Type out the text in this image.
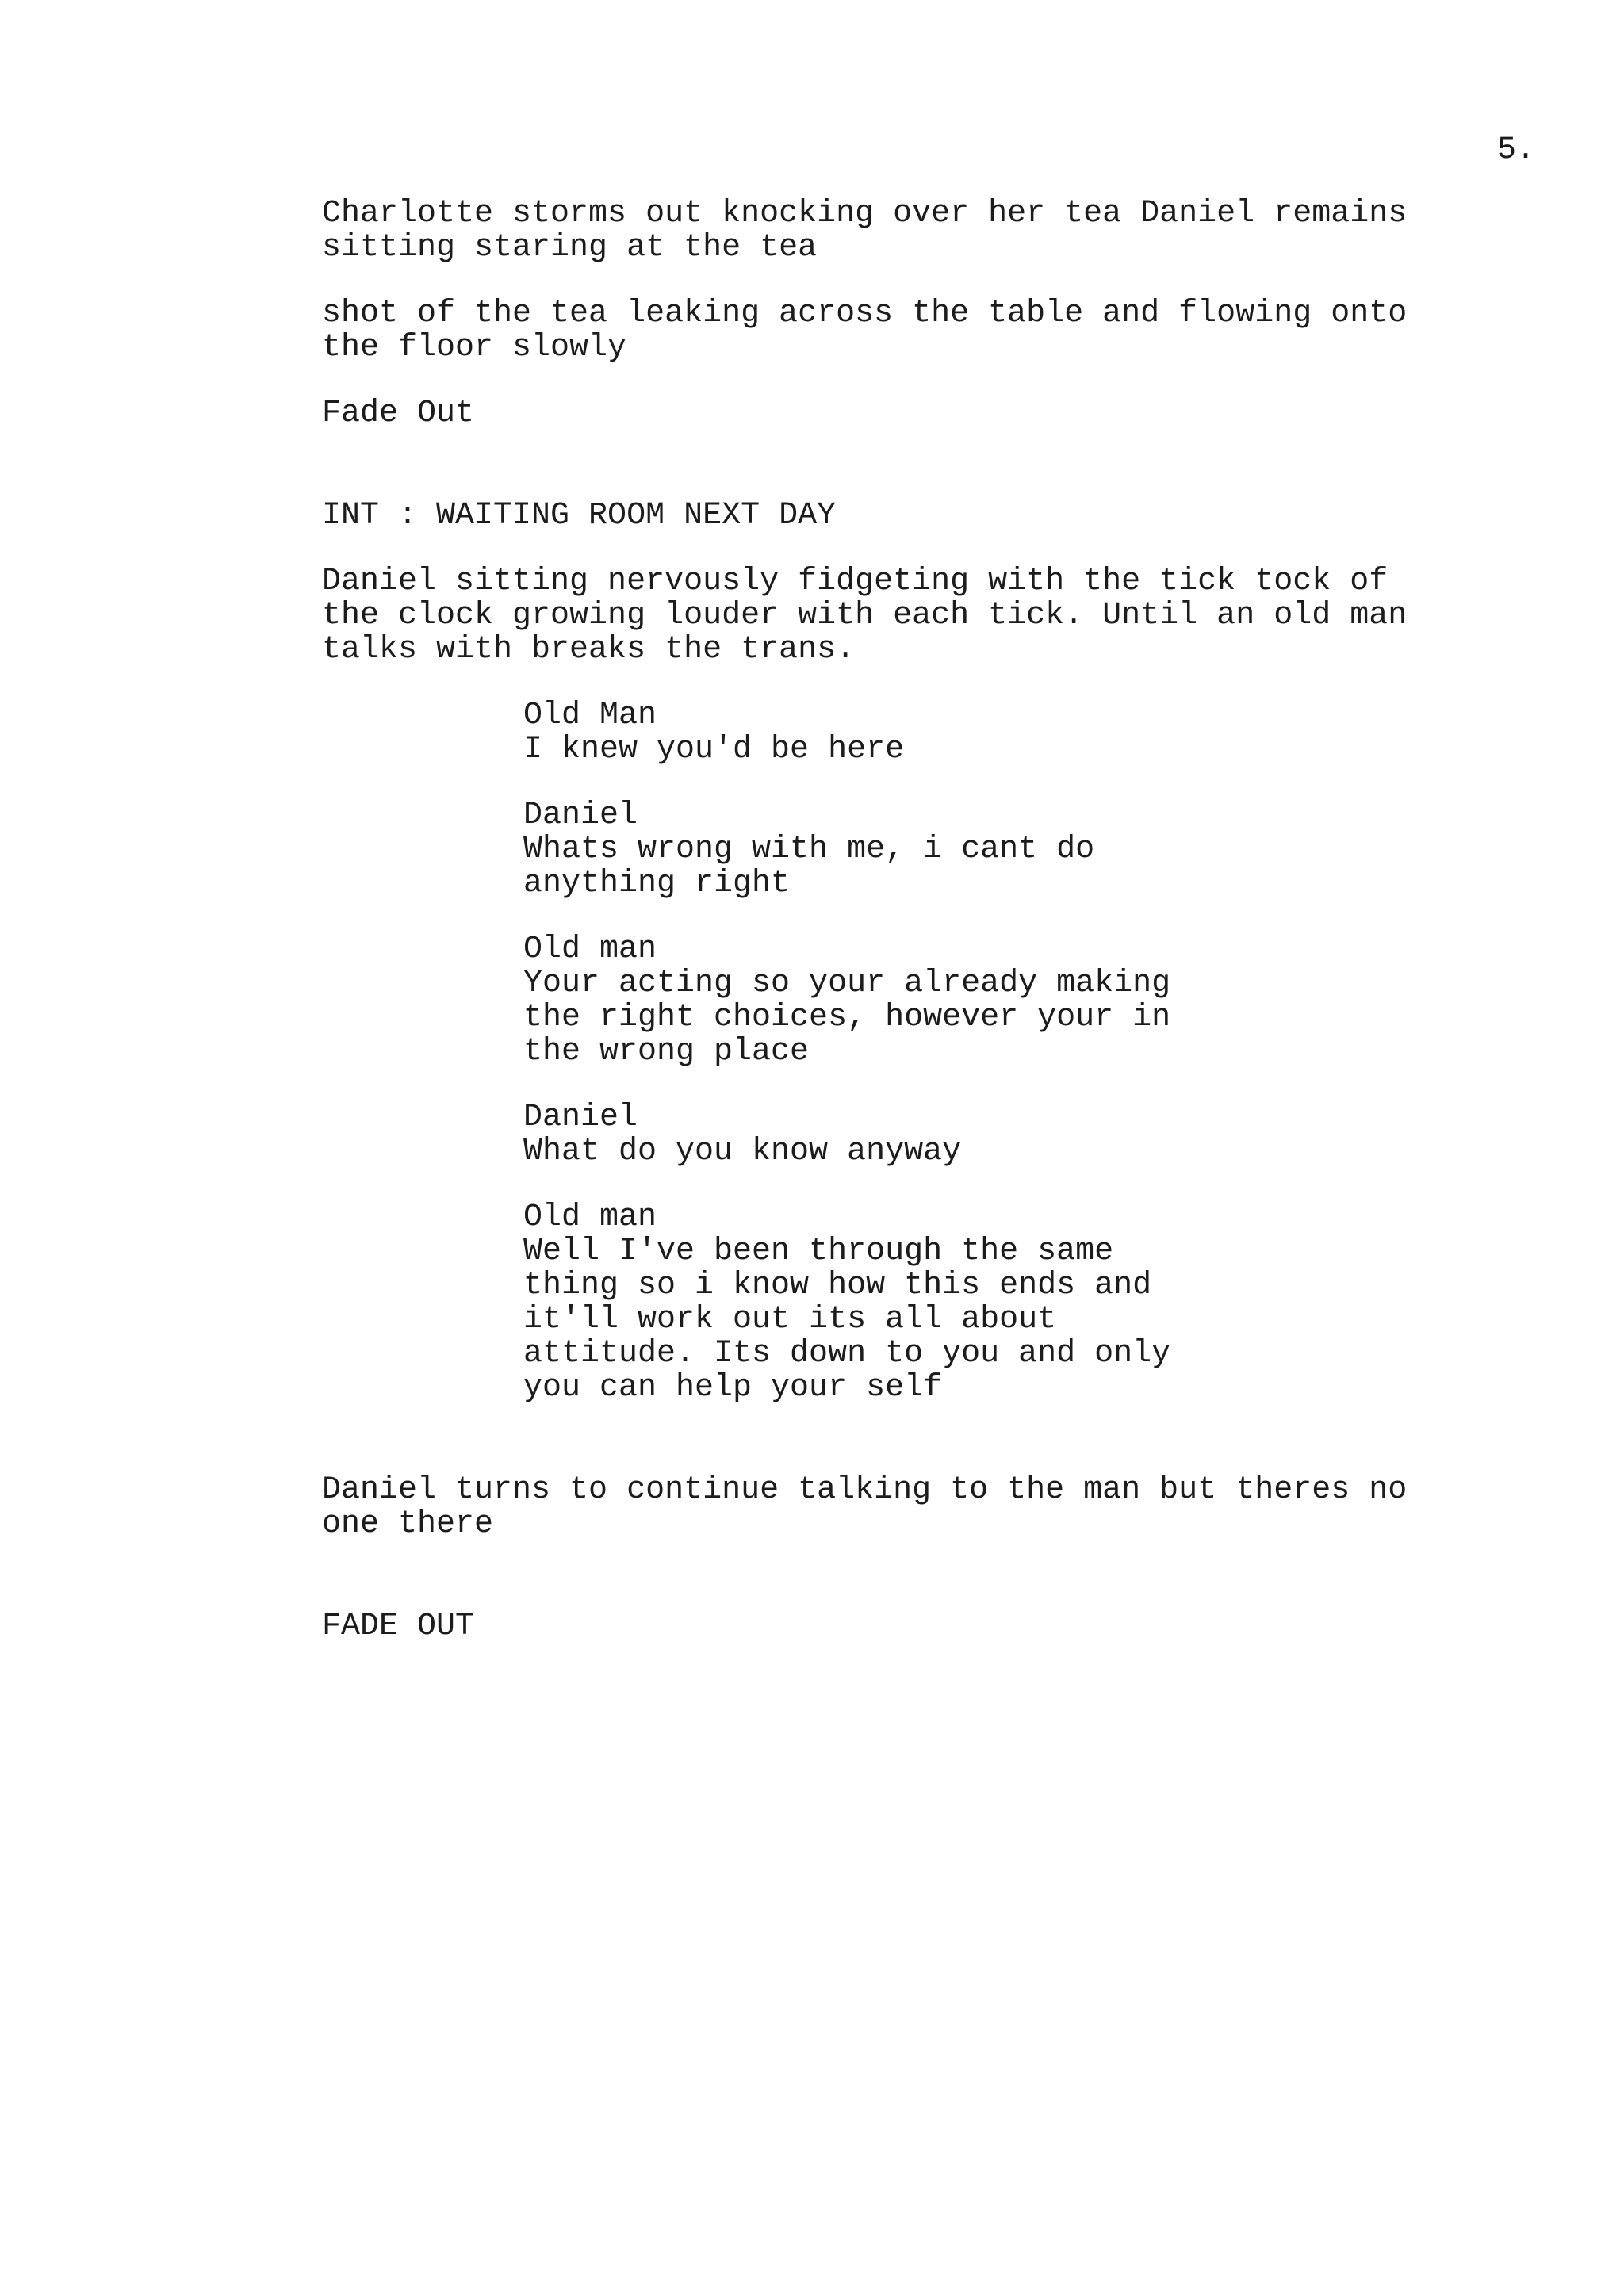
5.

Charlotte storms out knocking over her tea Daniel remains
sitting staring at the tea

shot of the tea leaking across the table and flowing onto
the floor slowly

Fade Out

INT : WAITING ROOM NEXT DAY

Daniel sitting nervously fidgeting with the tick tock of
the clock growing louder with each tick. Until an old man
talks with breaks the trans.

Old Man

I knew you'd be here

Daniel

Whats wrong with me, i cant do
anything right

Old man

Your acting so your already making
the right choices, however your in
the wrong place

Daniel

What do you know anyway

Old man

Well I've been through the same
thing so i know how this ends and
it'll work out its all about
attitude. Its down to you and only
you can help your self

Daniel turns to continue talking to the man but theres no
one there

FADE OUT
